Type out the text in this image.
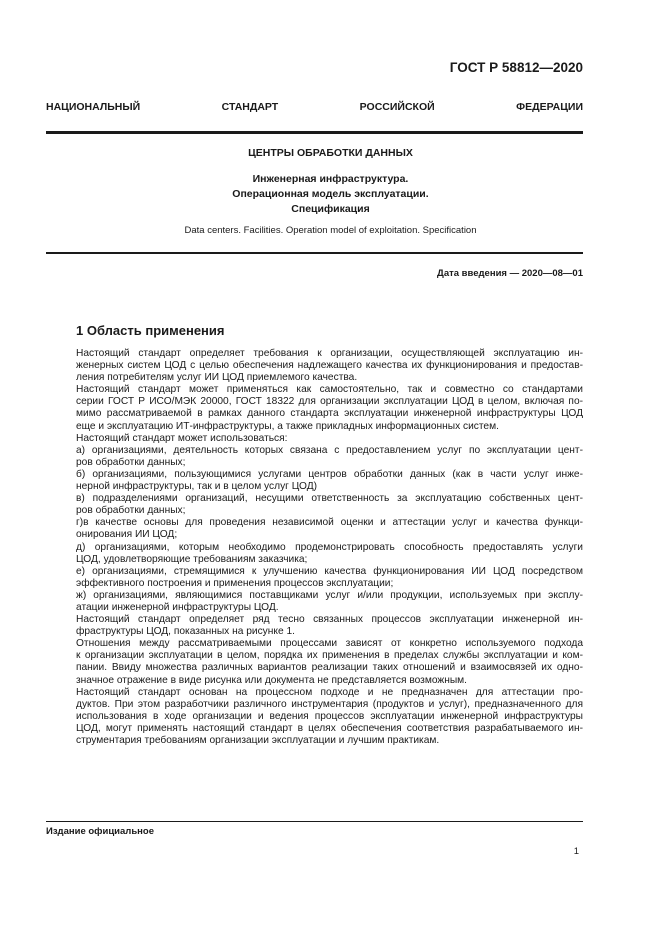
ГОСТ Р 58812—2020
НАЦИОНАЛЬНЫЙ СТАНДАРТ РОССИЙСКОЙ ФЕДЕРАЦИИ
ЦЕНТРЫ ОБРАБОТКИ ДАННЫХ
Инженерная инфраструктура.
Операционная модель эксплуатации.
Спецификация
Data centers. Facilities. Operation model of exploitation. Specification
Дата введения — 2020—08—01
1 Область применения

Настоящий стандарт определяет требования к организации, осуществляющей эксплуатацию ин-
женерных систем ЦОД с целью обеспечения надлежащего качества их функционирования и предостав-
ления потребителям услуг ИИ ЦОД приемлемого качества.

Настоящий стандарт может применяться как самостоятельно, так и совместно со стандартами
серии ГОСТ Р ИСО/МЭК 20000, ГОСТ 18322 для организации эксплуатации ЦОД в целом, включая по-
мимо рассматриваемой в рамках данного стандарта эксплуатации инженерной инфраструктуры ЦОД
еще и эксплуатацию ИТ-инфраструктуры, а также прикладных информационных систем.

Настоящий стандарт может использоваться:

а) организациями, деятельность которых связана с предоставлением услуг по эксплуатации цент-
ров обработки данных;

б) организациями, пользующимися услугами центров обработки данных (как в части услуг инже-
нерной инфраструктуры, так и в целом услуг ЦОД)

в) подразделениями организаций, несущими ответственность за эксплуатацию собственных цент-
ров обработки данных;

г)в качестве основы для проведения независимой оценки и аттестации услуг и качества функци-
онирования ИИ ЦОД;

д) организациями, которым необходимо продемонстрировать способность предоставлять услуги
ЦОД, удовлетворяющие требованиям заказчика;

е) организациями, стремящимися к улучшению качества функционирования ИИ ЦОД посредством
эффективного построения и применения процессов эксплуатации;

ж) организациями, являющимися поставщиками услуг и/или продукции, используемых при эксплу-
атации инженерной инфраструктуры ЦОД.

Настоящий стандарт определяет ряд тесно связанных процессов эксплуатации инженерной ин-
фраструктуры ЦОД, показанных на рисунке 1.

Отношения между рассматриваемыми процессами зависят от конкретно используемого подхода
к организации эксплуатации в целом, порядка их применения в пределах службы эксплуатации и ком-
пании. Ввиду множества различных вариантов реализации таких отношений и взаимосвязей их одно-
значное отражение в виде рисунка или документа не представляется возможным.

Настоящий стандарт основан на процессном подходе и не предназначен для аттестации про-
дуктов. При этом разработчики различного инструментария (продуктов и услуг), предназначенного для
использования в ходе организации и ведения процессов эксплуатации инженерной инфраструктуры
ЦОД, могут применять настоящий стандарт в целях обеспечения соответствия разрабатываемого ин-
струментария требованиям организации эксплуатации и лучшим практикам.

Издание официальное
1
